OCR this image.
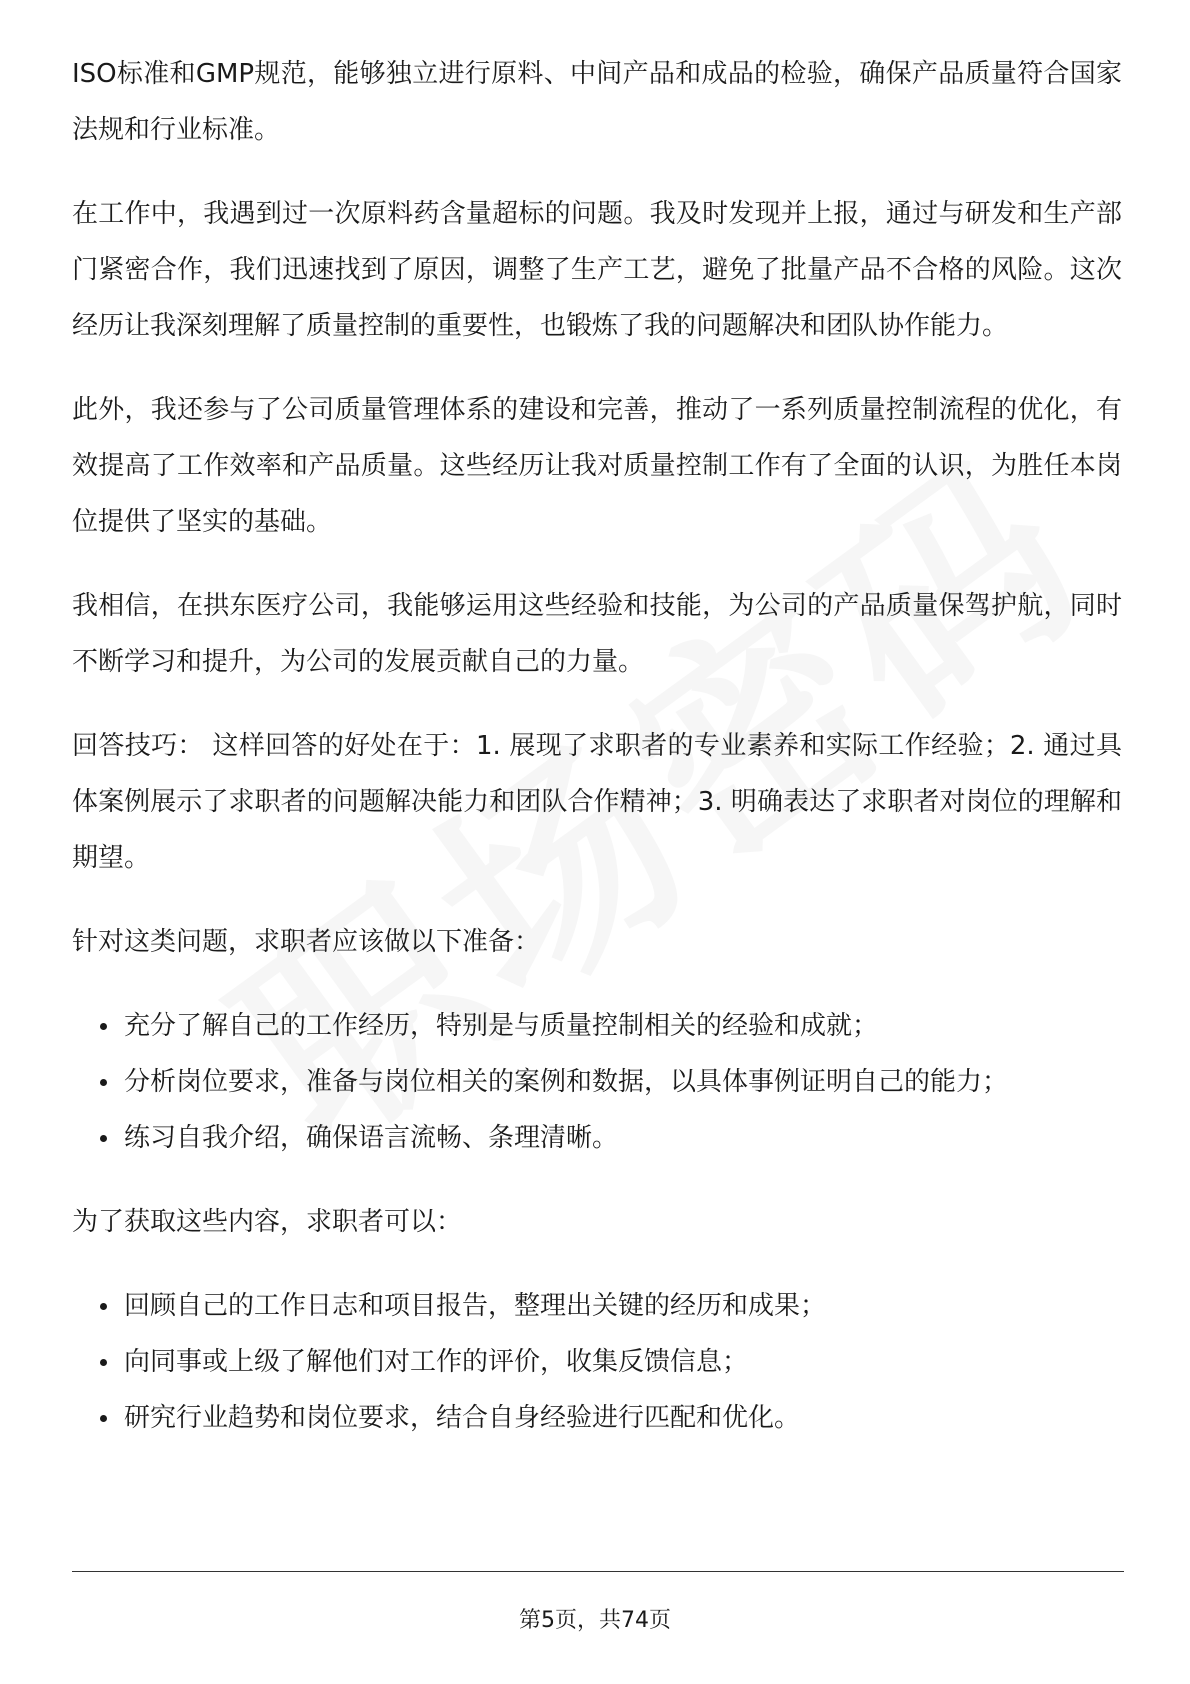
ISO标准和GMP规范，能够独立进行原料、中间产品和成品的检验，确保产品质量符合国家法规和行业标准。

在工作中，我遇到过一次原料药含量超标的问题。我及时发现并上报，通过与研发和生产部门紧密合作，我们迅速找到了原因，调整了生产工艺，避免了批量产品不合格的风险。这次经历让我深刻理解了质量控制的重要性，也锻炼了我的问题解决和团队协作能力。

此外，我还参与了公司质量管理体系的建设和完善，推动了一系列质量控制流程的优化，有效提高了工作效率和产品质量。这些经历让我对质量控制工作有了全面的认识，为胜任本岗位提供了坚实的基础。

我相信，在拱东医疗公司，我能够运用这些经验和技能，为公司的产品质量保驾护航，同时不断学习和提升，为公司的发展贡献自己的力量。

回答技巧： 这样回答的好处在于：1. 展现了求职者的专业素养和实际工作经验；2. 通过具体案例展示了求职者的问题解决能力和团队合作精神；3. 明确表达了求职者对岗位的理解和期望。

针对这类问题，求职者应该做以下准备：

充分了解自己的工作经历，特别是与质量控制相关的经验和成就；
分析岗位要求，准备与岗位相关的案例和数据，以具体事例证明自己的能力；
练习自我介绍，确保语言流畅、条理清晰。

为了获取这些内容，求职者可以：

回顾自己的工作日志和项目报告，整理出关键的经历和成果；
向同事或上级了解他们对工作的评价，收集反馈信息；
研究行业趋势和岗位要求，结合自身经验进行匹配和优化。
第5页，共74页
